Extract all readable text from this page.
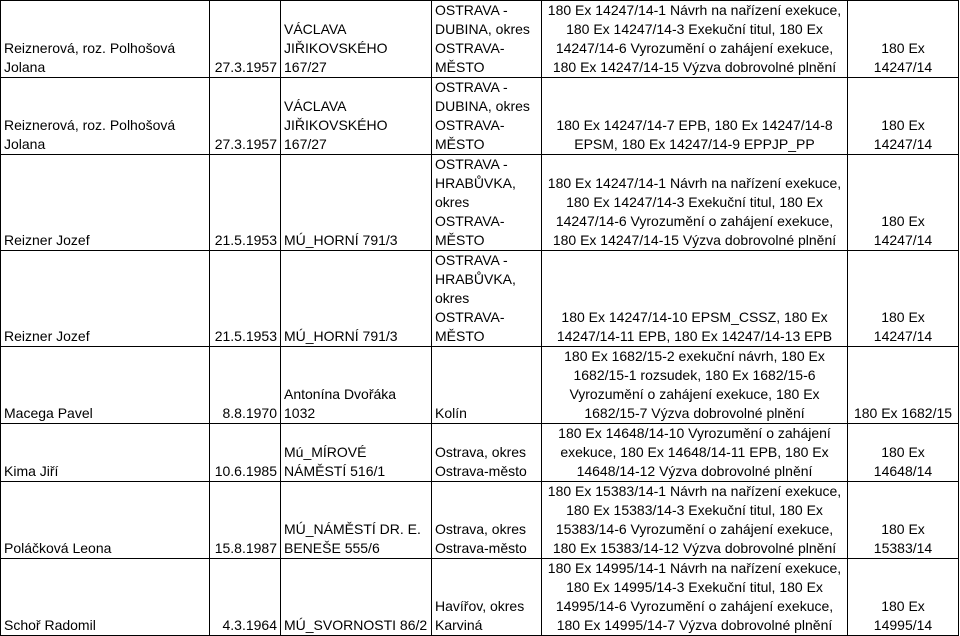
Reiznerová, roz. Polhošová Jolana	27.3.1957	VÁCLAVA JIŘIKOVSKÉHO 167/27	OSTRAVA - DUBINA, okres OSTRAVA-MĚSTO	180 Ex 14247/14-1 Návrh na nařízení exekuce, 180 Ex 14247/14-3 Exekuční titul, 180 Ex 14247/14-6 Vyrozumění o zahájení exekuce, 180 Ex 14247/14-15 Výzva dobrovolné plnění	180 Ex 14247/14
Reiznerová, roz. Polhošová Jolana	27.3.1957	VÁCLAVA JIŘIKOVSKÉHO 167/27	OSTRAVA - DUBINA, okres OSTRAVA-MĚSTO	180 Ex 14247/14-7 EPB, 180 Ex 14247/14-8 EPSM, 180 Ex 14247/14-9 EPPJP_PP	180 Ex 14247/14
Reizner Jozef	21.5.1953	MÚ_HORNÍ 791/3	OSTRAVA - HRABŮVKA, okres OSTRAVA-MĚSTO	180 Ex 14247/14-1 Návrh na nařízení exekuce, 180 Ex 14247/14-3 Exekuční titul, 180 Ex 14247/14-6 Vyrozumění o zahájení exekuce, 180 Ex 14247/14-15 Výzva dobrovolné plnění	180 Ex 14247/14
Reizner Jozef	21.5.1953	MÚ_HORNÍ 791/3	OSTRAVA - HRABŮVKA, okres OSTRAVA-MĚSTO	180 Ex 14247/14-10 EPSM_CSSZ, 180 Ex 14247/14-11 EPB, 180 Ex 14247/14-13 EPB	180 Ex 14247/14
Macega Pavel	8.8.1970	Antonína Dvořáka 1032	Kolín	180 Ex 1682/15-2 exekuční návrh, 180 Ex 1682/15-1 rozsudek, 180 Ex 1682/15-6 Vyrozumění o zahájení exekuce, 180 Ex 1682/15-7 Výzva dobrovolné plnění	180 Ex 1682/15
Kima Jiří	10.6.1985	Mú_MÍROVÉ NÁMĚSTÍ 516/1	Ostrava, okres Ostrava-město	180 Ex 14648/14-10 Vyrozumění o zahájení exekuce, 180 Ex 14648/14-11 EPB, 180 Ex 14648/14-12 Výzva dobrovolné plnění	180 Ex 14648/14
Poláčková Leona	15.8.1987	MÚ_NÁMĚSTÍ DR. E. BENEŠE 555/6	Ostrava, okres Ostrava-město	180 Ex 15383/14-1 Návrh na nařízení exekuce, 180 Ex 15383/14-3 Exekuční titul, 180 Ex 15383/14-6 Vyrozumění o zahájení exekuce, 180 Ex 15383/14-12 Výzva dobrovolné plnění	180 Ex 15383/14
Schoř Radomil	4.3.1964	MÚ_SVORNOSTI 86/2	Havířov, okres Karviná	180 Ex 14995/14-1 Návrh na nařízení exekuce, 180 Ex 14995/14-3 Exekuční titul, 180 Ex 14995/14-6 Vyrozumění o zahájení exekuce, 180 Ex 14995/14-7 Výzva dobrovolné plnění	180 Ex 14995/14
